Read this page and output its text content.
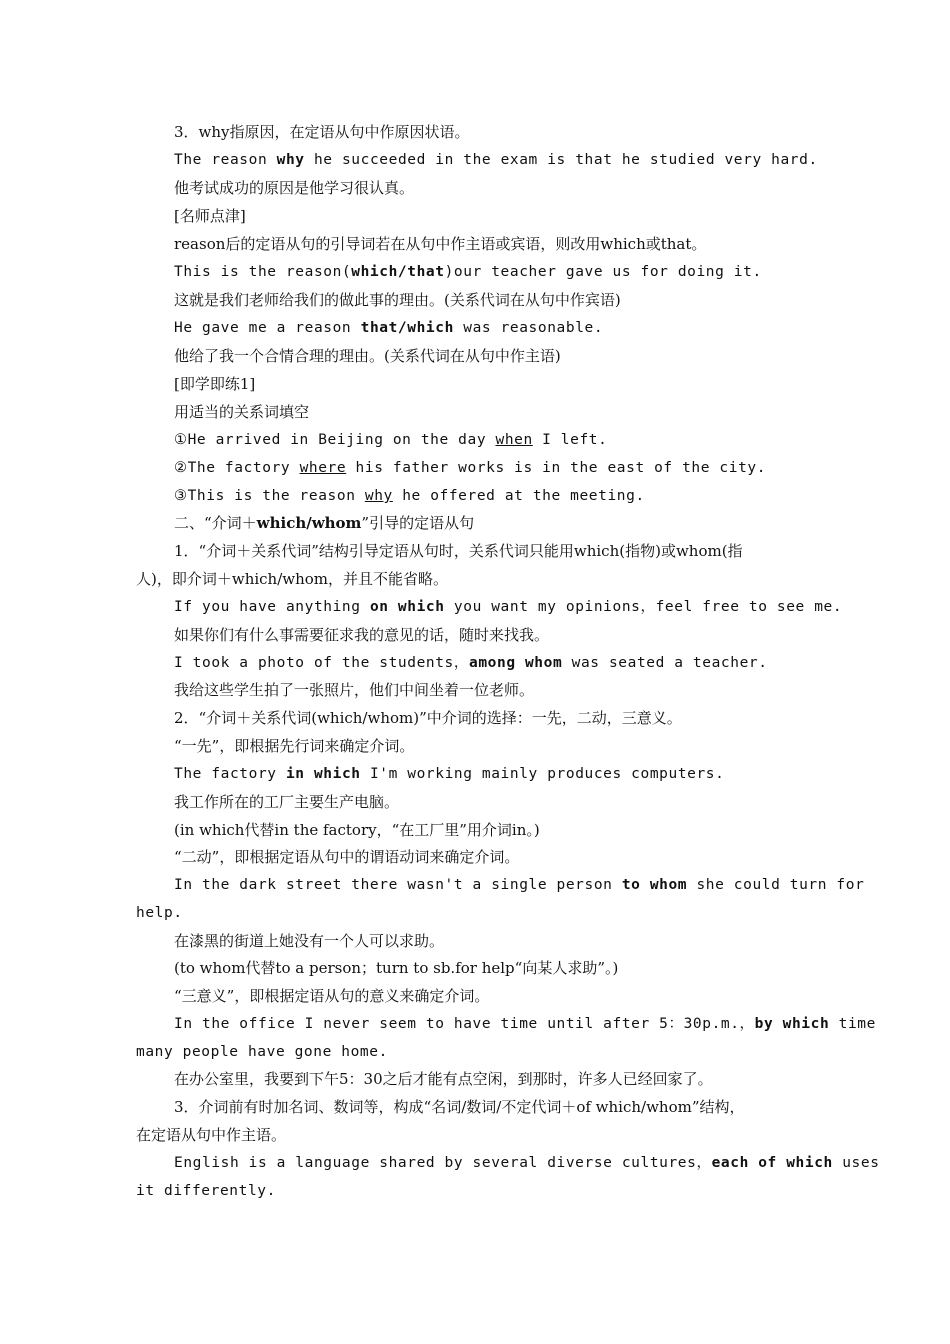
3．why指原因，在定语从句中作原因状语。
The reason why he succeeded in the exam is that he studied very hard.
他考试成功的原因是他学习很认真。
[名师点津]
reason后的定语从句的引导词若在从句中作主语或宾语，则改用which或that。
This is the reason(which/that)our teacher gave us for doing it.
这就是我们老师给我们的做此事的理由。(关系代词在从句中作宾语)
He gave me a reason that/which was reasonable.
他给了我一个合情合理的理由。(关系代词在从句中作主语)
[即学即练1]
用适当的关系词填空
①He arrived in Beijing on the day when I left.
②The factory where his father works is in the east of the city.
③This is the reason why he offered at the meeting.
二、“介词＋which/whom”引导的定语从句
1．“介词＋关系代词”结构引导定语从句时，关系代词只能用which(指物)或whom(指
人)，即介词＋which/whom，并且不能省略。
If you have anything on which you want my opinions，feel free to see me.
如果你们有什么事需要征求我的意见的话，随时来找我。
I took a photo of the students，among whom was seated a teacher.
我给这些学生拍了一张照片，他们中间坐着一位老师。
2．“介词＋关系代词(which/whom)”中介词的选择：一先，二动，三意义。
“一先”，即根据先行词来确定介词。
The factory in which I'm working mainly produces computers.
我工作所在的工厂主要生产电脑。
(in which代替in the factory，“在工厂里”用介词in。)
“二动”，即根据定语从句中的谓语动词来确定介词。
In the dark street there wasn't a single person to whom she could turn for
help.
在漆黑的街道上她没有一个人可以求助。
(to whom代替to a person；turn to sb.for help“向某人求助”。)
“三意义”，即根据定语从句的意义来确定介词。
In the office I never seem to have time until after 5：30p.m.，by which time
many people have gone home.
在办公室里，我要到下午5：30之后才能有点空闲，到那时，许多人已经回家了。
3．介词前有时加名词、数词等，构成“名词/数词/不定代词＋of which/whom”结构，
在定语从句中作主语。
English is a language shared by several diverse cultures，each of which uses
it differently.
